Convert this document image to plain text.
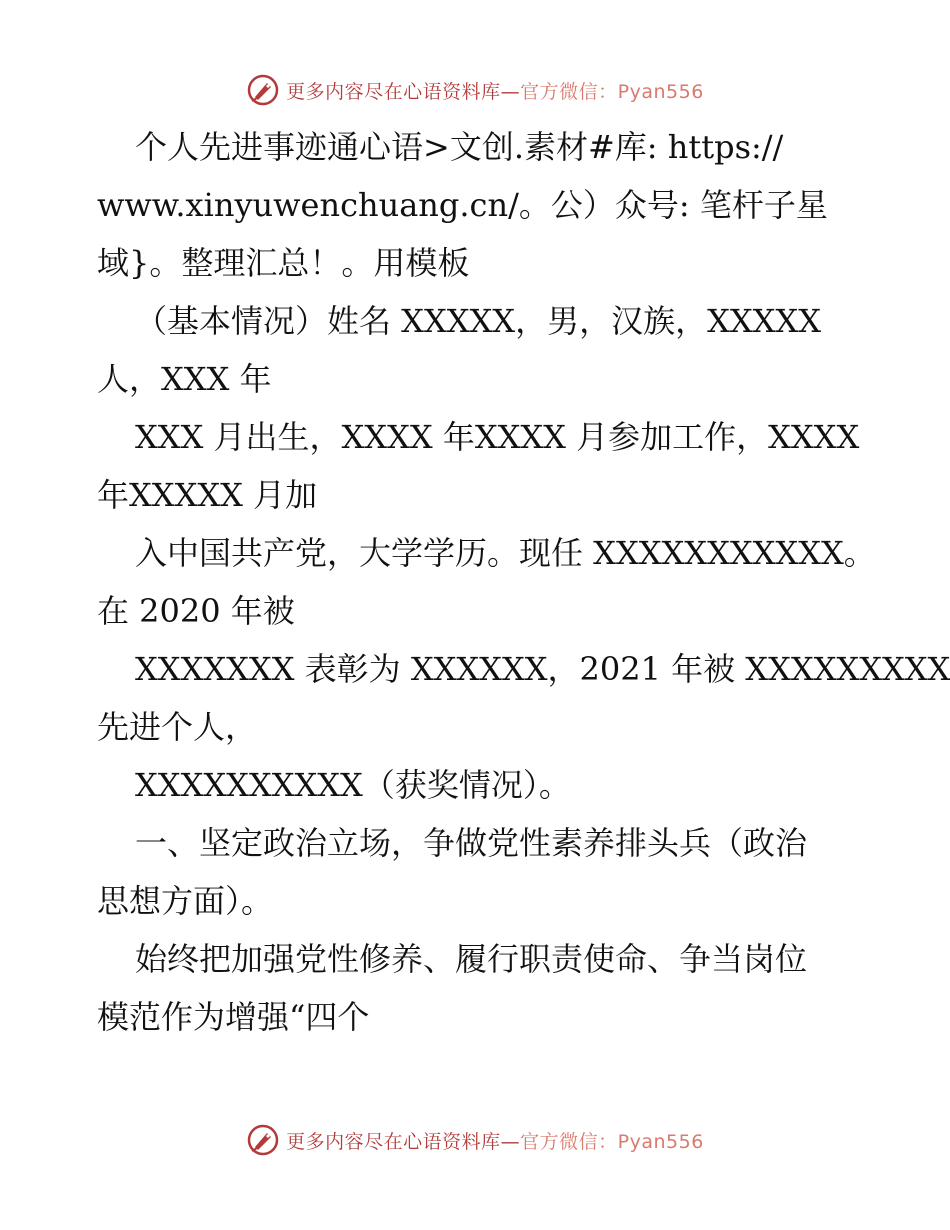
更多内容尽在心语资料库—官方微信：Pyan556

个人先进事迹通心语>文创.素材#库: https://
www.xinyuwenchuang.cn/。公）众号: 笔杆子星
域}。整理汇总！。用模板

（基本情况）姓名 XXXXX，男，汉族，XXXXX
人，XXX 年

XXX 月出生，XXXX 年XXXX 月参加工作，XXXX
年XXXXX 月加

入中国共产党，大学学历。现任 XXXXXXXXXXX。
在 2020 年被

XXXXXXX 表彰为 XXXXXX，2021 年被 XXXXXXXXX
先进个人，

XXXXXXXXXX（获奖情况）。

一、坚定政治立场，争做党性素养排头兵（政治
思想方面）。

始终把加强党性修养、履行职责使命、争当岗位
模范作为增强“四个

更多内容尽在心语资料库—官方微信：Pyan556
